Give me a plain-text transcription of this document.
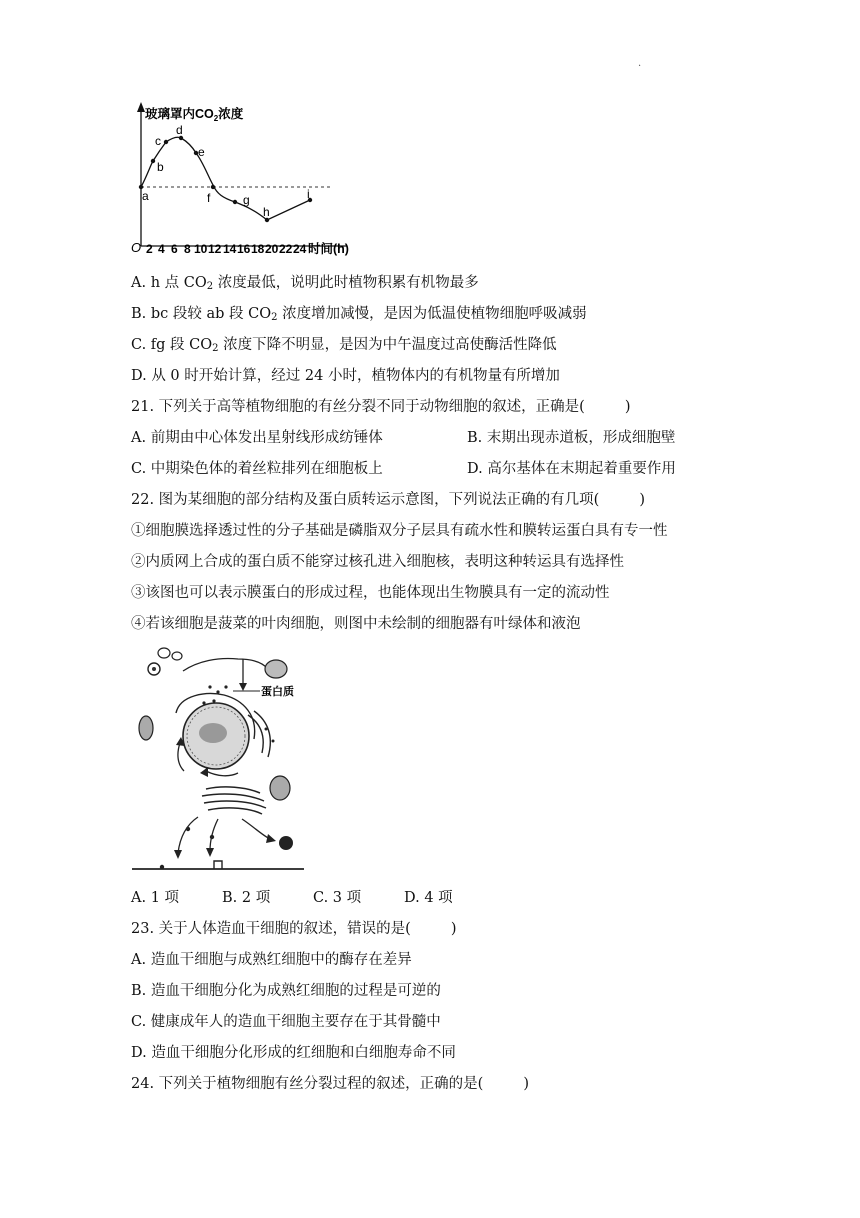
.
玻璃罩内$CO_2$浓度
a
b
c
d
e
f	g
h
i
O 2 4 6 8 10 12 14 16 18 20 22 24 时间(h)
A. h 点 $CO_2$ 浓度最低，说明此时植物积累有机物最多
B. bc 段较 ab 段 $CO_2$ 浓度增加减慢，是因为低温使植物细胞呼吸减弱
C. fg 段 $CO_2$ 浓度下降不明显，是因为中午温度过高使酶活性降低
D. 从 0 时开始计算，经过 24 小时，植物体内的有机物量有所增加
21. 下列关于高等植物细胞的有丝分裂不同于动物细胞的叙述，正确是(	)
A. 前期由中心体发出星射线形成纺锤体	B. 末期出现赤道板，形成细胞壁
C. 中期染色体的着丝粒排列在细胞板上	D. 高尔基体在末期起着重要作用
22. 图为某细胞的部分结构及蛋白质转运示意图，下列说法正确的有几项(	)
①细胞膜选择透过性的分子基础是磷脂双分子层具有疏水性和膜转运蛋白具有专一性
②内质网上合成的蛋白质不能穿过核孔进入细胞核，表明这种转运具有选择性
③该图也可以表示膜蛋白的形成过程，也能体现出生物膜具有一定的流动性
④若该细胞是菠菜的叶肉细胞，则图中未绘制的细胞器有叶绿体和液泡
蛋白质
A. 1 项	B. 2 项	C. 3 项	D. 4 项
23. 关于人体造血干细胞的叙述，错误的是(	)
A. 造血干细胞与成熟红细胞中的酶存在差异
B. 造血干细胞分化为成熟红细胞的过程是可逆的
C. 健康成年人的造血干细胞主要存在于其骨髓中
D. 造血干细胞分化形成的红细胞和白细胞寿命不同
24. 下列关于植物细胞有丝分裂过程的叙述，正确的是(	)
